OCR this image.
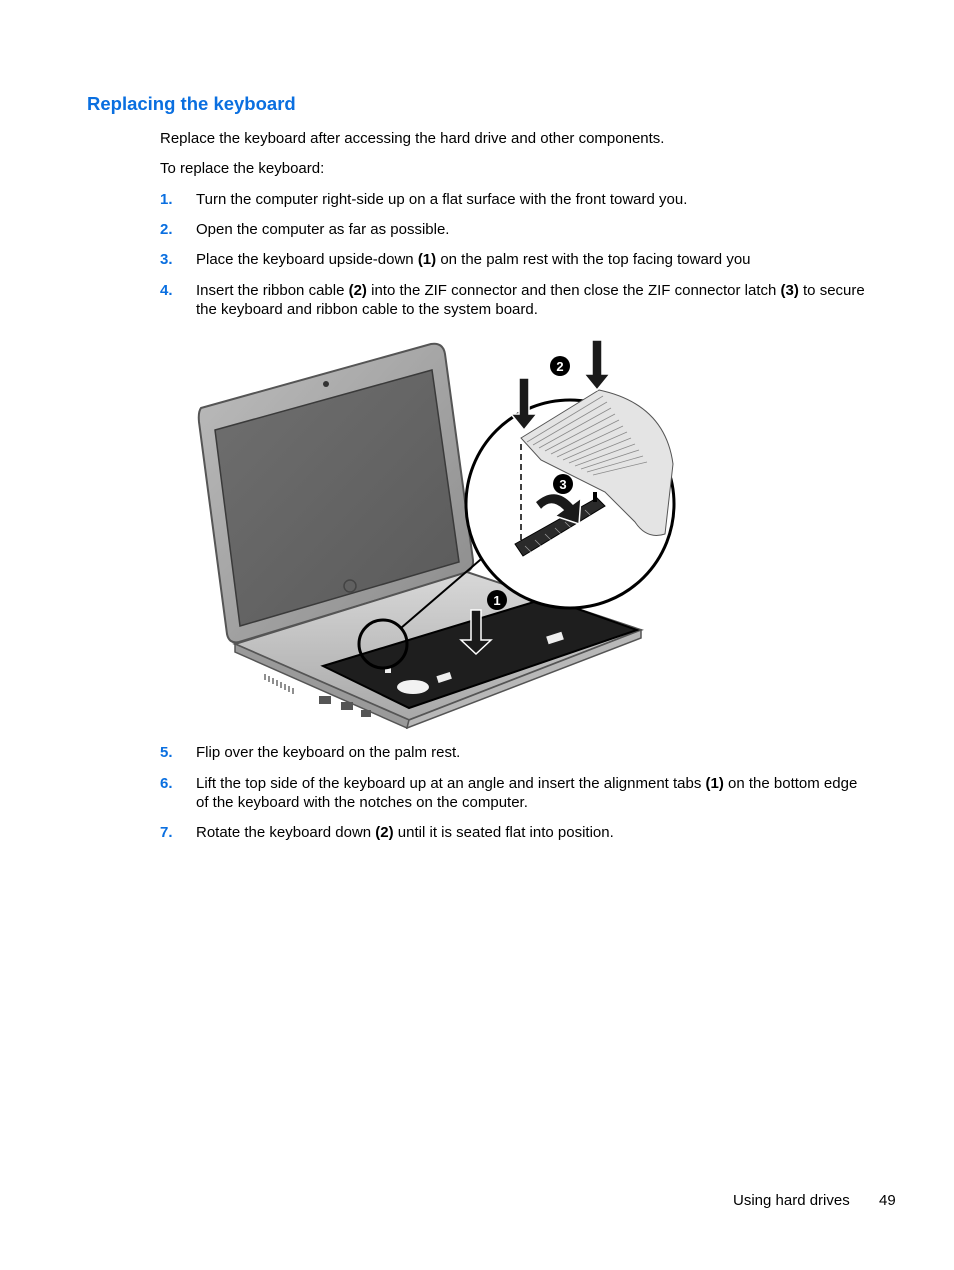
Replacing the keyboard

Replace the keyboard after accessing the hard drive and other components.

To replace the keyboard:

1. Turn the computer right-side up on a flat surface with the front toward you.
2. Open the computer as far as possible.
3. Place the keyboard upside-down (1) on the palm rest with the top facing toward you
4. Insert the ribbon cable (2) into the ZIF connector and then close the ZIF connector latch (3) to secure the keyboard and ribbon cable to the system board.
1
3
2
5. Flip over the keyboard on the palm rest.
6. Lift the top side of the keyboard up at an angle and insert the alignment tabs (1) on the bottom edge of the keyboard with the notches on the computer.
7. Rotate the keyboard down (2) until it is seated flat into position.
Using hard drives 49
